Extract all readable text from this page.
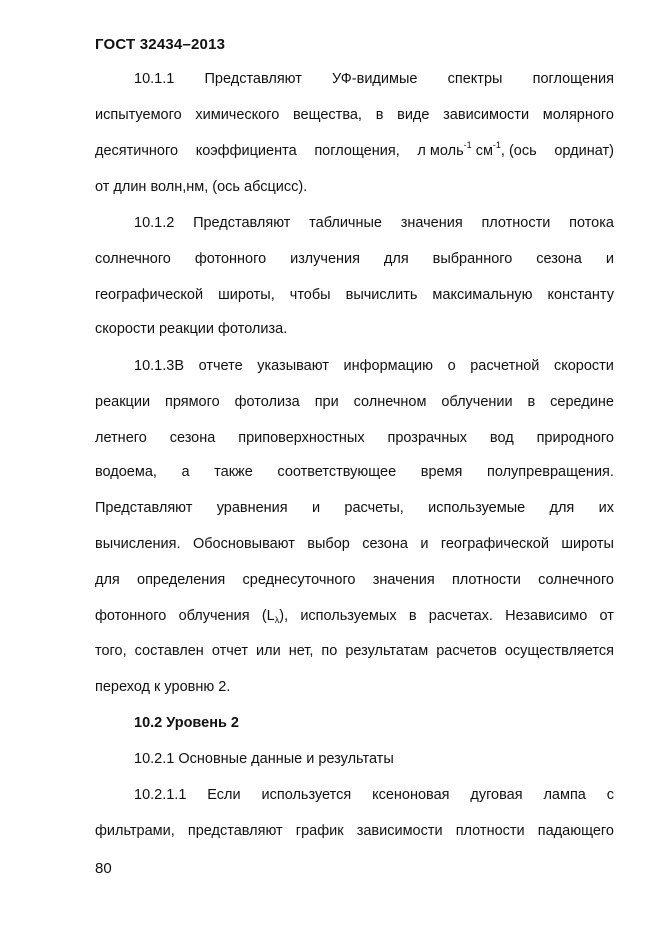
ГОСТ 32434–2013
10.1.1 Представляют УФ-видимые спектры поглощения
испытуемого химического вещества, в виде зависимости молярного
десятичного коэффициента поглощения, л моль$^{-1}$ $см^{-1}$, (ось ординат)
от длин волн,нм, (ось абсцисс).
10.1.2 Представляют табличные значения плотности потока
солнечного фотонного излучения для выбранного сезона и
географической широты, чтобы вычислить максимальную константу
скорости реакции фотолиза.
10.1.3В отчете указывают информацию о расчетной скорости
реакции прямого фотолиза при солнечном облучении в середине
летнего сезона приповерхностных прозрачных вод природного
водоема, а также соответствующее время полупревращения.
Представляют уравнения и расчеты, используемые для их
вычисления. Обосновывают выбор сезона и географической широты
для определения среднесуточного значения плотности солнечного
фотонного облучения $(L_\lambda)$, используемых в расчетах. Независимо от
того, составлен отчет или нет, по результатам расчетов осуществляется
переход к уровню 2.
10.2 Уровень 2
10.2.1 Основные данные и результаты
10.2.1.1 Если используется ксеноновая дуговая лампа с
фильтрами, представляют график зависимости плотности падающего
80
